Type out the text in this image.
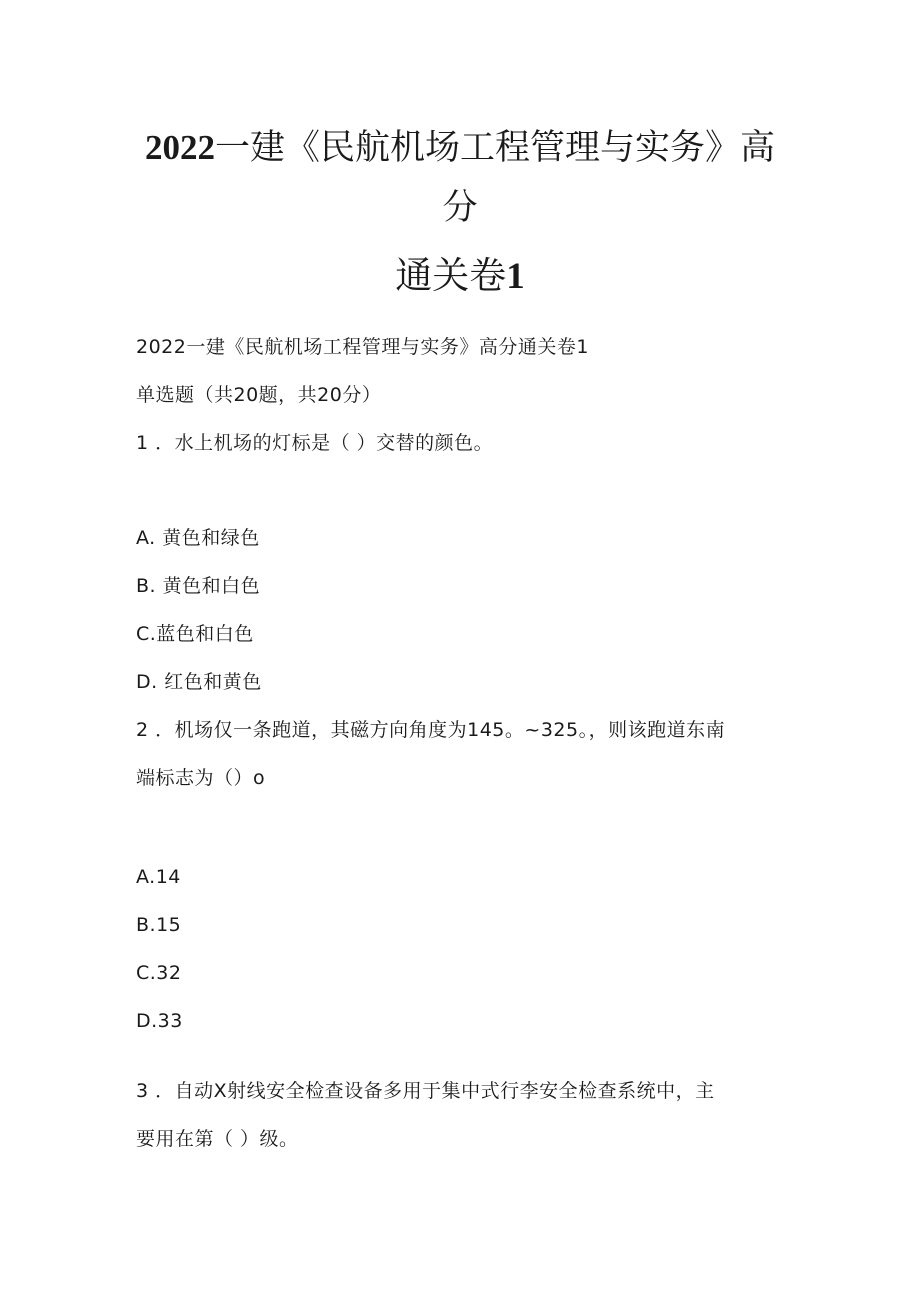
2022一建《民航机场工程管理与实务》高分
通关卷1
2022一建《民航机场工程管理与实务》高分通关卷1
单选题（共20题，共20分）
1 ．水上机场的灯标是（ ）交替的颜色。
A. 黄色和绿色
B. 黄色和白色
C.蓝色和白色
D. 红色和黄色
2 ．机场仅一条跑道，其磁方向角度为145。~325。，则该跑道东南
端标志为（）o
A.14
B.15
C.32
D.33
3 ．自动X射线安全检查设备多用于集中式行李安全检查系统中，主
要用在第（ ）级。
